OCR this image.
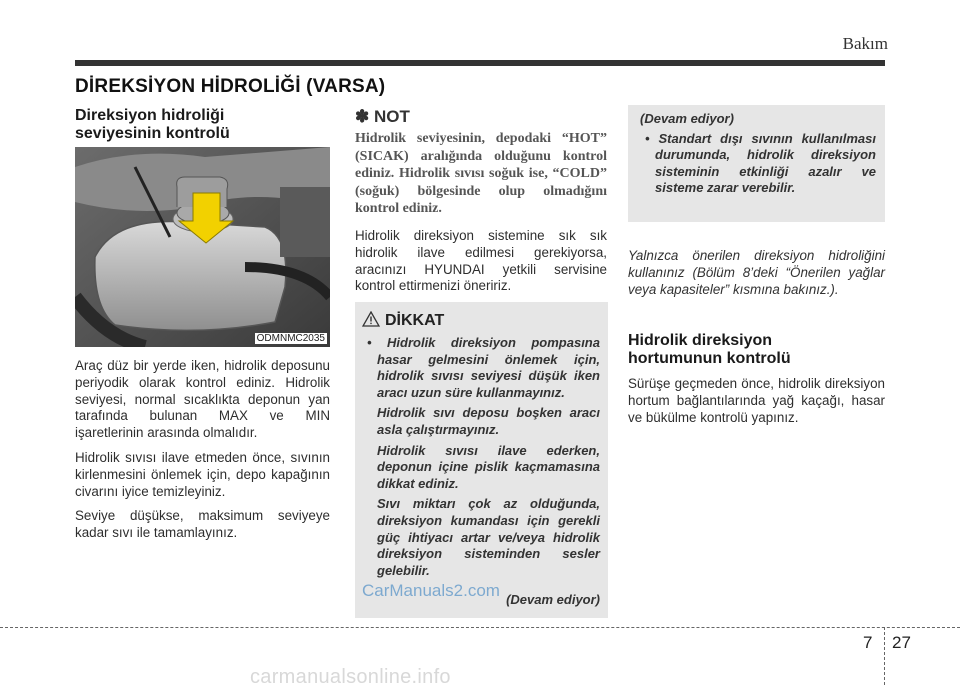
Bakım
DİREKSİYON HİDROLİĞİ (VARSA)
Direksiyon hidroliği
seviyesinin kontrolü
ODMNMC2035

Araç düz bir yerde iken, hidrolik deposunu periyodik olarak kontrol ediniz. Hidrolik seviyesi, normal sıcaklıkta deponun yan tarafında bulunan MAX ve MIN işaretlerinin arasında olmalıdır.

Hidrolik sıvısı ilave etmeden önce, sıvının kirlenmesini önlemek için, depo kapağının civarını iyice temizleyiniz.

Seviye düşükse, maksimum seviyeye kadar sıvı ile tamamlayınız.

✽ NOT
Hidrolik seviyesinin, depodaki “HOT” (SICAK) aralığında olduğunu kontrol ediniz. Hidrolik sıvısı soğuk ise, “COLD” (soğuk) bölgesinde olup olmadığını kontrol ediniz.
Hidrolik direksiyon sistemine sık sık hidrolik ilave edilmesi gerekiyorsa, aracınızı HYUNDAI yetkili servisine kontrol ettirmenizi öneririz.
DİKKAT

• Hidrolik direksiyon pompasına hasar gelmesini önlemek için, hidrolik sıvısı seviyesi düşük iken aracı uzun süre kullanmayınız.

Hidrolik sıvı deposu boşken aracı asla çalıştırmayınız.

Hidrolik sıvısı ilave ederken, deponun içine pislik kaçmamasına dikkat ediniz.

Sıvı miktarı çok az olduğunda, direksiyon kumandası için gerekli güç ihtiyacı artar ve/veya hidrolik direksiyon sisteminden sesler gelebilir.

(Devam ediyor)
CarManuals2.com

(Devam ediyor)

• Standart dışı sıvının kullanılması durumunda, hidrolik direksiyon sisteminin etkinliği azalır ve sisteme zarar verebilir.

Yalnızca önerilen direksiyon hidroliğini kullanınız (Bölüm 8’deki “Önerilen yağlar veya kapasiteler” kısmına bakınız.).
Hidrolik direksiyon
hortumunun kontrolü
Sürüşe geçmeden önce, hidrolik direksiyon hortum bağlantılarında yağ kaçağı, hasar ve bükülme kontrolü yapınız.
7 27
carmanualsonline.info
